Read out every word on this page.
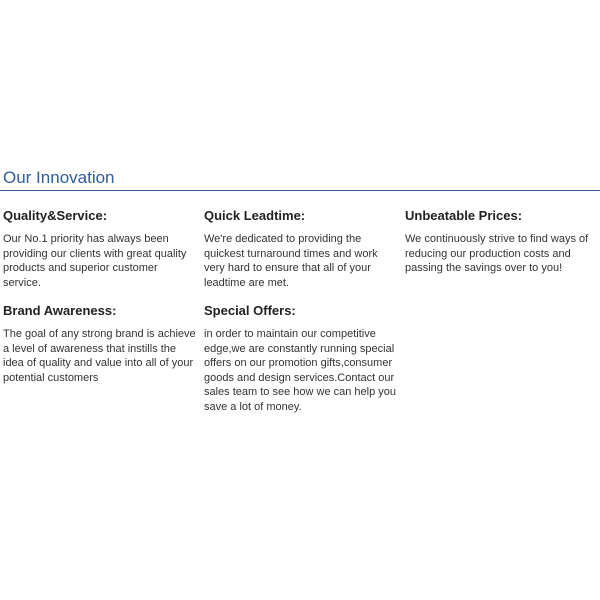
Our Innovation
Quality&Service:

Our No.1 priority has always been providing our clients with great quality products and superior customer service.

Quick Leadtime:

We're dedicated to providing the quickest turnaround times and work very hard to ensure that all of your leadtime are met.

Unbeatable Prices:

We continuously strive to find ways of reducing our production costs and passing the savings over to you!

Brand Awareness:

The goal of any strong brand is achieve a level of awareness that instills the idea of quality and value into all of your potential customers

Special Offers:

in order to maintain our competitive edge,we are constantly running special offers on our promotion gifts,consumer goods and design services.Contact our sales team to see how we can help you save a lot of money.
